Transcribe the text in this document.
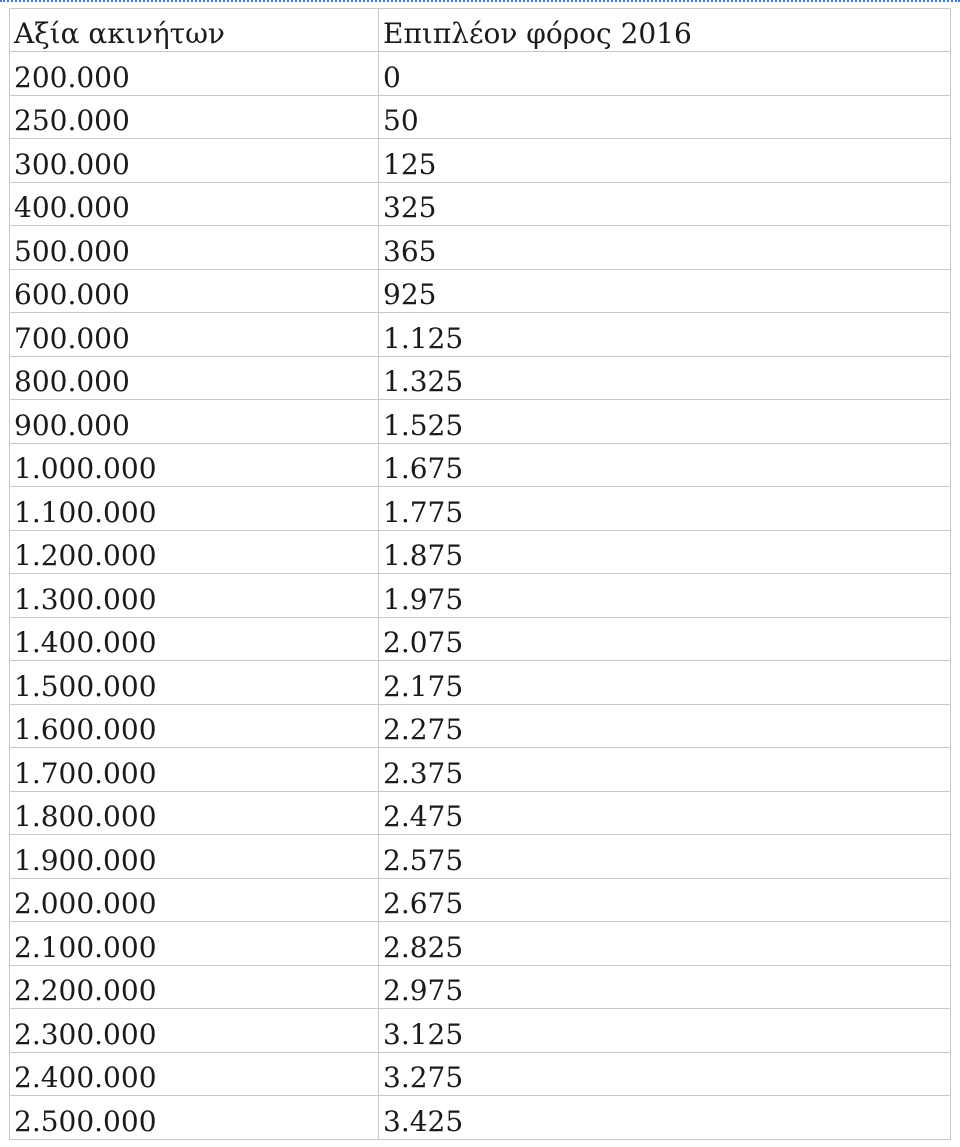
Αξία ακινήτων	Επιπλέον φόρος 2016
200.000	0
250.000	50
300.000	125
400.000	325
500.000	365
600.000	925
700.000	1.125
800.000	1.325
900.000	1.525
1.000.000	1.675
1.100.000	1.775
1.200.000	1.875
1.300.000	1.975
1.400.000	2.075
1.500.000	2.175
1.600.000	2.275
1.700.000	2.375
1.800.000	2.475
1.900.000	2.575
2.000.000	2.675
2.100.000	2.825
2.200.000	2.975
2.300.000	3.125
2.400.000	3.275
2.500.000	3.425
